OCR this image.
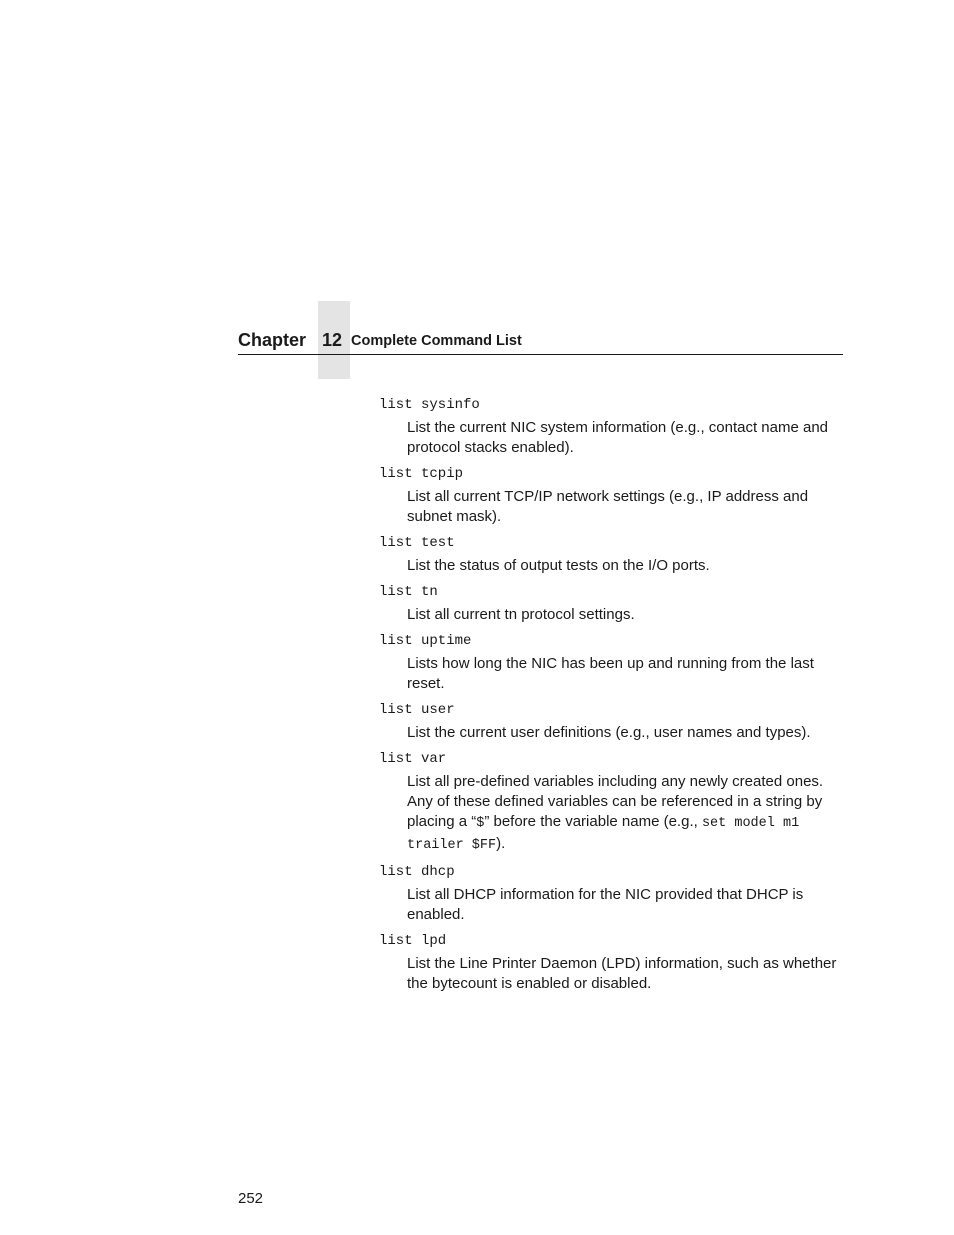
Chapter 12 Complete Command List
list sysinfo
List the current NIC system information (e.g., contact name and protocol stacks enabled).
list tcpip
List all current TCP/IP network settings (e.g., IP address and subnet mask).
list test
List the status of output tests on the I/O ports.
list tn
List all current tn protocol settings.
list uptime
Lists how long the NIC has been up and running from the last reset.
list user
List the current user definitions (e.g., user names and types).
list var
List all pre-defined variables including any newly created ones. Any of these defined variables can be referenced in a string by placing a “$” before the variable name (e.g., set model m1 trailer $FF).
list dhcp
List all DHCP information for the NIC provided that DHCP is enabled.
list lpd
List the Line Printer Daemon (LPD) information, such as whether the bytecount is enabled or disabled.
252
